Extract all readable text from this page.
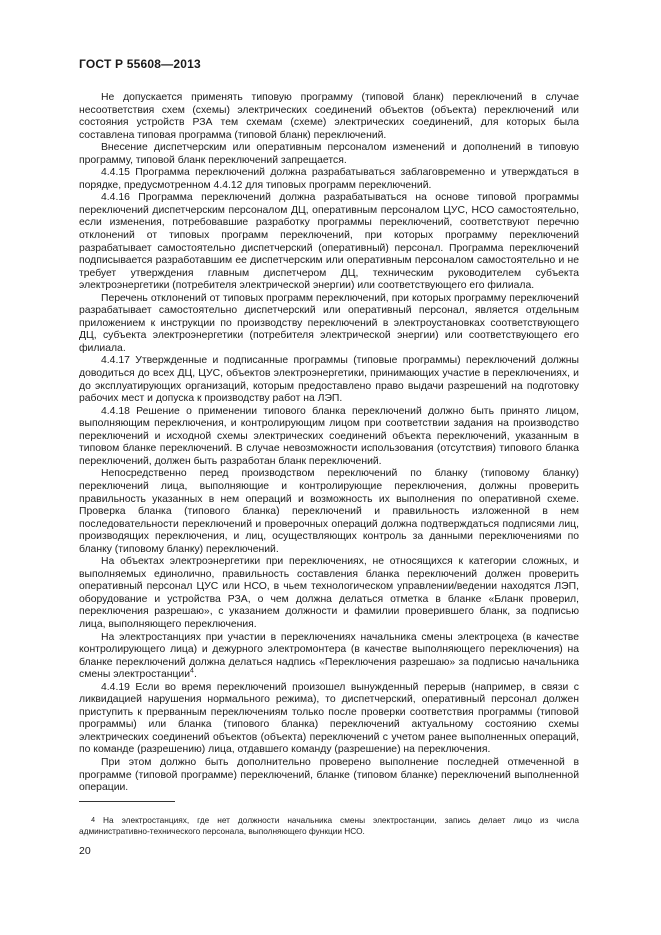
ГОСТ Р 55608—2013

Не допускается применять типовую программу (типовой бланк) переключений в случае несоответствия схем (схемы) электрических соединений объектов (объекта) переключений или состояния устройств РЗА тем схемам (схеме) электрических соединений, для которых была составлена типовая программа (типовой бланк) переключений.

Внесение диспетчерским или оперативным персоналом изменений и дополнений в типовую программу, типовой бланк переключений запрещается.

4.4.15 Программа переключений должна разрабатываться заблаговременно и утверждаться в порядке, предусмотренном 4.4.12 для типовых программ переключений.

4.4.16 Программа переключений должна разрабатываться на основе типовой программы переключений диспетчерским персоналом ДЦ, оперативным персоналом ЦУС, НСО самостоятельно, если изменения, потребовавшие разработку программы переключений, соответствуют перечню отклонений от типовых программ переключений, при которых программу переключений разрабатывает самостоятельно диспетчерский (оперативный) персонал. Программа переключений подписывается разработавшим ее диспетчерским или оперативным персоналом самостоятельно и не требует утверждения главным диспетчером ДЦ, техническим руководителем субъекта электроэнергетики (потребителя электрической энергии) или соответствующего его филиала.

Перечень отклонений от типовых программ переключений, при которых программу переключений разрабатывает самостоятельно диспетчерский или оперативный персонал, является отдельным приложением к инструкции по производству переключений в электроустановках соответствующего ДЦ, субъекта электроэнергетики (потребителя электрической энергии) или соответствующего его филиала.

4.4.17 Утвержденные и подписанные программы (типовые программы) переключений должны доводиться до всех ДЦ, ЦУС, объектов электроэнергетики, принимающих участие в переключениях, и до эксплуатирующих организаций, которым предоставлено право выдачи разрешений на подготовку рабочих мест и допуска к производству работ на ЛЭП.

4.4.18 Решение о применении типового бланка переключений должно быть принято лицом, выполняющим переключения, и контролирующим лицом при соответствии задания на производство переключений и исходной схемы электрических соединений объекта переключений, указанным в типовом бланке переключений. В случае невозможности использования (отсутствия) типового бланка переключений, должен быть разработан бланк переключений.

Непосредственно перед производством переключений по бланку (типовому бланку) переключений лица, выполняющие и контролирующие переключения, должны проверить правильность указанных в нем операций и возможность их выполнения по оперативной схеме. Проверка бланка (типового бланка) переключений и правильность изложенной в нем последовательности переключений и проверочных операций должна подтверждаться подписями лиц, производящих переключения, и лиц, осуществляющих контроль за данными переключениями по бланку (типовому бланку) переключений.

На объектах электроэнергетики при переключениях, не относящихся к категории сложных, и выполняемых единолично, правильность составления бланка переключений должен проверить оперативный персонал ЦУС или НСО, в чьем технологическом управлении/ведении находятся ЛЭП, оборудование и устройства РЗА, о чем должна делаться отметка в бланке «Бланк проверил, переключения разрешаю», с указанием должности и фамилии проверившего бланк, за подписью лица, выполняющего переключения.

На электростанциях при участии в переключениях начальника смены электроцеха (в качестве контролирующего лица) и дежурного электромонтера (в качестве выполняющего переключения) на бланке переключений должна делаться надпись «Переключения разрешаю» за подписью начальника смены электростанции$^4$.

4.4.19 Если во время переключений произошел вынужденный перерыв (например, в связи с ликвидацией нарушения нормального режима), то диспетчерский, оперативный персонал должен приступить к прерванным переключениям только после проверки соответствия программы (типовой программы) или бланка (типового бланка) переключений актуальному состоянию схемы электрических соединений объектов (объекта) переключений с учетом ранее выполненных операций, по команде (разрешению) лица, отдавшего команду (разрешение) на переключения.

При этом должно быть дополнительно проверено выполнение последней отмеченной в программе (типовой программе) переключений, бланке (типовом бланке) переключений выполненной операции.

4 На электростанциях, где нет должности начальника смены электростанции, запись делает лицо из числа административно-технического персонала, выполняющего функции НСО.
20
